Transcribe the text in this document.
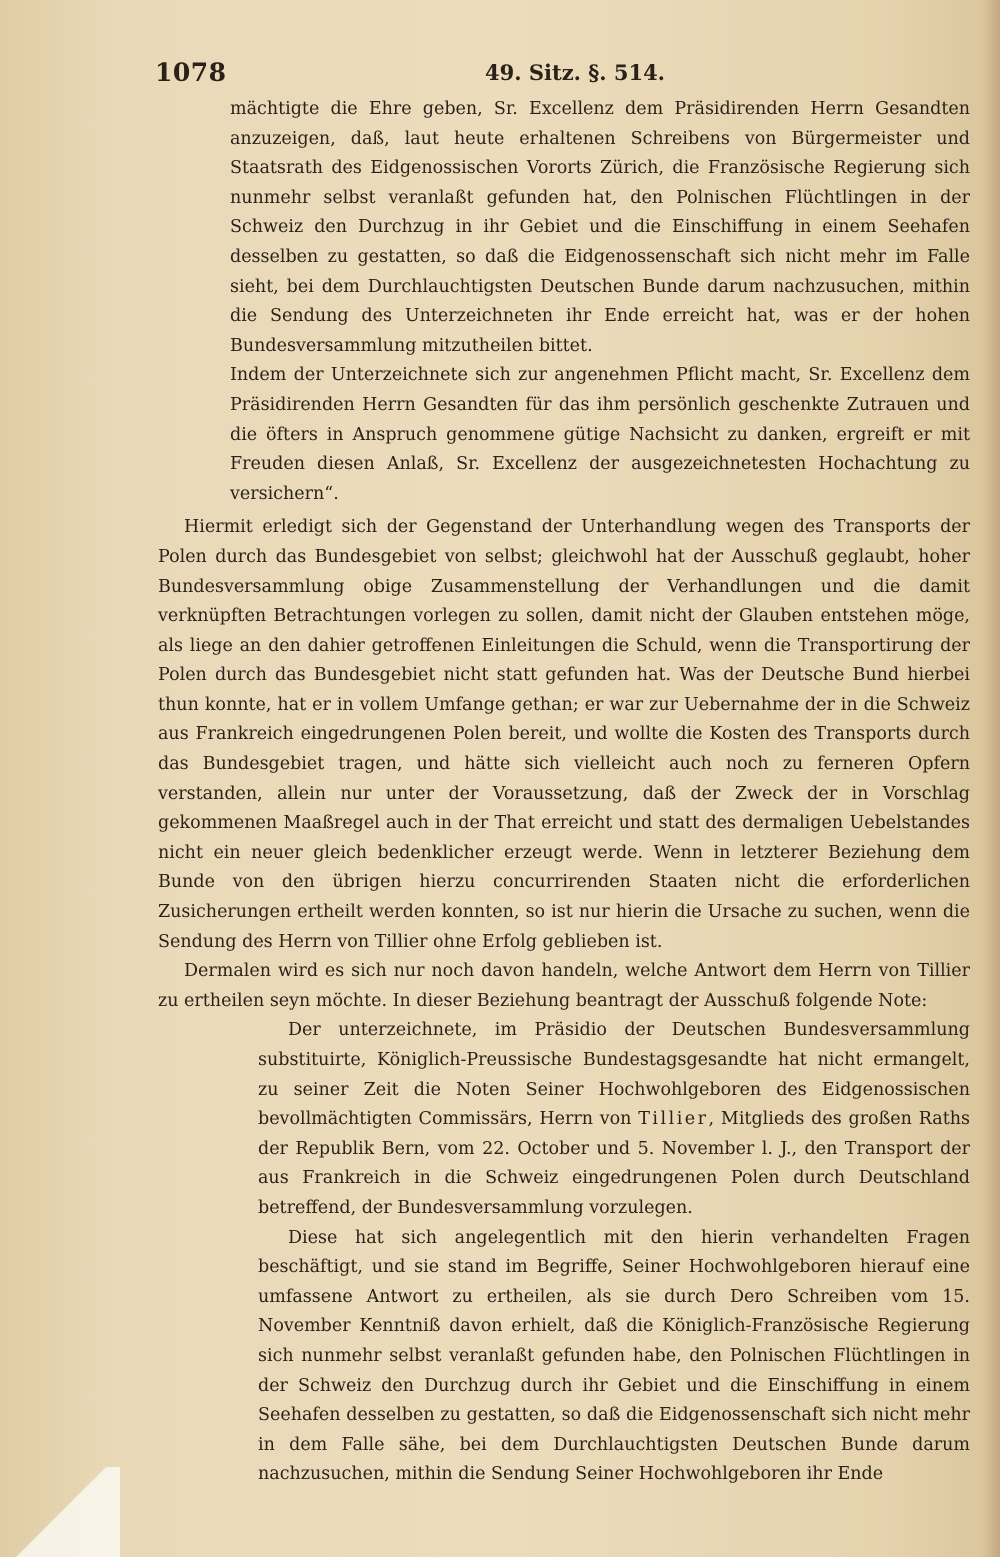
1078	49. Sitz. §. 514.

mächtigte die Ehre geben, Sr. Excellenz dem Präsidirenden Herrn Gesandten anzuzeigen, daß, laut heute erhaltenen Schreibens von Bürgermeister und Staatsrath des Eidgenossischen Vororts Zürich, die Französische Regierung sich nunmehr selbst veranlaßt gefunden hat, den Polnischen Flüchtlingen in der Schweiz den Durchzug in ihr Gebiet und die Einschiffung in einem Seehafen desselben zu gestatten, so daß die Eidgenossenschaft sich nicht mehr im Falle sieht, bei dem Durchlauchtigsten Deutschen Bunde darum nachzusuchen, mithin die Sendung des Unterzeichneten ihr Ende erreicht hat, was er der hohen Bundesversammlung mitzutheilen bittet.

Indem der Unterzeichnete sich zur angenehmen Pflicht macht, Sr. Excellenz dem Präsidirenden Herrn Gesandten für das ihm persönlich geschenkte Zutrauen und die öfters in Anspruch genommene gütige Nachsicht zu danken, ergreift er mit Freuden diesen Anlaß, Sr. Excellenz der ausgezeichnetesten Hochachtung zu versichern“.

Hiermit erledigt sich der Gegenstand der Unterhandlung wegen des Transports der Polen durch das Bundesgebiet von selbst; gleichwohl hat der Ausschuß geglaubt, hoher Bundesversammlung obige Zusammenstellung der Verhandlungen und die damit verknüpften Betrachtungen vorlegen zu sollen, damit nicht der Glauben entstehen möge, als liege an den dahier getroffenen Einleitungen die Schuld, wenn die Transportirung der Polen durch das Bundesgebiet nicht statt gefunden hat. Was der Deutsche Bund hierbei thun konnte, hat er in vollem Umfange gethan; er war zur Uebernahme der in die Schweiz aus Frankreich eingedrungenen Polen bereit, und wollte die Kosten des Transports durch das Bundesgebiet tragen, und hätte sich vielleicht auch noch zu ferneren Opfern verstanden, allein nur unter der Voraussetzung, daß der Zweck der in Vorschlag gekommenen Maaßregel auch in der That erreicht und statt des dermaligen Uebelstandes nicht ein neuer gleich bedenklicher erzeugt werde. Wenn in letzterer Beziehung dem Bunde von den übrigen hierzu concurrirenden Staaten nicht die erforderlichen Zusicherungen ertheilt werden konnten, so ist nur hierin die Ursache zu suchen, wenn die Sendung des Herrn von Tillier ohne Erfolg geblieben ist.

Dermalen wird es sich nur noch davon handeln, welche Antwort dem Herrn von Tillier zu ertheilen seyn möchte. In dieser Beziehung beantragt der Ausschuß folgende Note:

Der unterzeichnete, im Präsidio der Deutschen Bundesversammlung substituirte, Königlich-Preussische Bundestagsgesandte hat nicht ermangelt, zu seiner Zeit die Noten Seiner Hochwohlgeboren des Eidgenossischen bevollmächtigten Commissärs, Herrn von Tillier, Mitglieds des großen Raths der Republik Bern, vom 22. October und 5. November l. J., den Transport der aus Frankreich in die Schweiz eingedrungenen Polen durch Deutschland betreffend, der Bundesversammlung vorzulegen.

Diese hat sich angelegentlich mit den hierin verhandelten Fragen beschäftigt, und sie stand im Begriffe, Seiner Hochwohlgeboren hierauf eine umfassene Antwort zu ertheilen, als sie durch Dero Schreiben vom 15. November Kenntniß davon erhielt, daß die Königlich-Französische Regierung sich nunmehr selbst veranlaßt gefunden habe, den Polnischen Flüchtlingen in der Schweiz den Durchzug durch ihr Gebiet und die Einschiffung in einem Seehafen desselben zu gestatten, so daß die Eidgenossenschaft sich nicht mehr in dem Falle sähe, bei dem Durchlauchtigsten Deutschen Bunde darum nachzusuchen, mithin die Sendung Seiner Hochwohlgeboren ihr Ende
